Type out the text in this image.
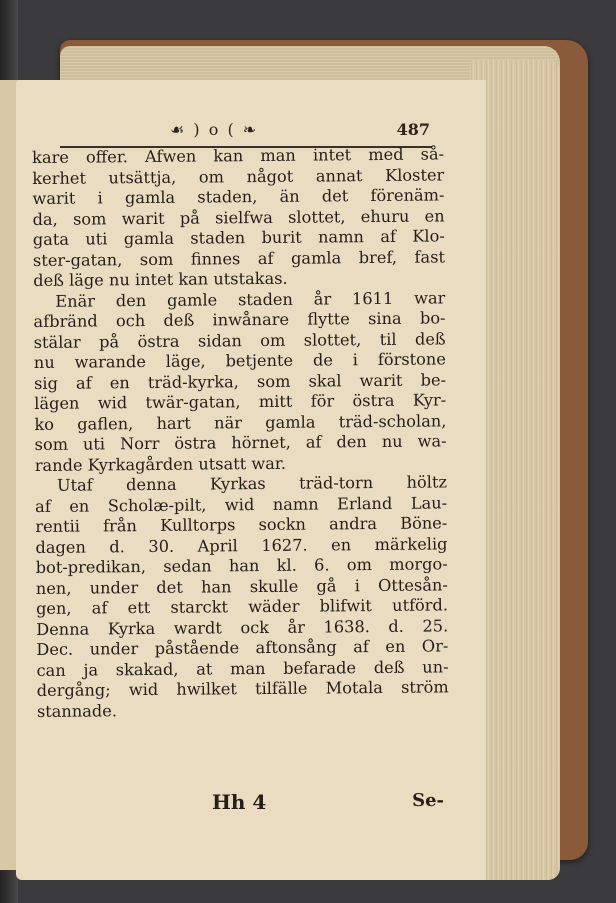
☙ ) o ( ❧	487
kare offer. Afwen kan man intet med så-
kerhet utsättja, om något annat Kloster
warit i gamla staden, än det förenäm-
da, som warit på sielfwa slottet, ehuru en
gata uti gamla staden burit namn af Klo-
ster-gatan, som finnes af gamla bref, fast
deß läge nu intet kan utstakas.
Enär den gamle staden år 1611 war
afbränd och deß inwånare flytte sina bo-
stälar på östra sidan om slottet, til deß
nu warande läge, betjente de i förstone
sig af en träd-kyrka, som skal warit be-
lägen wid twär-gatan, mitt för östra Kyr-
ko gaflen, hart när gamla träd-scholan,
som uti Norr östra hörnet, af den nu wa-
rande Kyrkagården utsatt war.
Utaf denna Kyrkas träd-torn höltz
af en Scholæ-pilt, wid namn Erland Lau-
rentii från Kulltorps sockn andra Böne-
dagen d. 30. April 1627. en märkelig
bot-predikan, sedan han kl. 6. om morgo-
nen, under det han skulle gå i Ottesån-
gen, af ett starckt wäder blifwit utförd.
Denna Kyrka wardt ock år 1638. d. 25.
Dec. under påstående aftonsång af en Or-
can ja skakad, at man befarade deß un-
dergång; wid hwilket tilfälle Motala ström
stannade.
Hh 4	Se-
